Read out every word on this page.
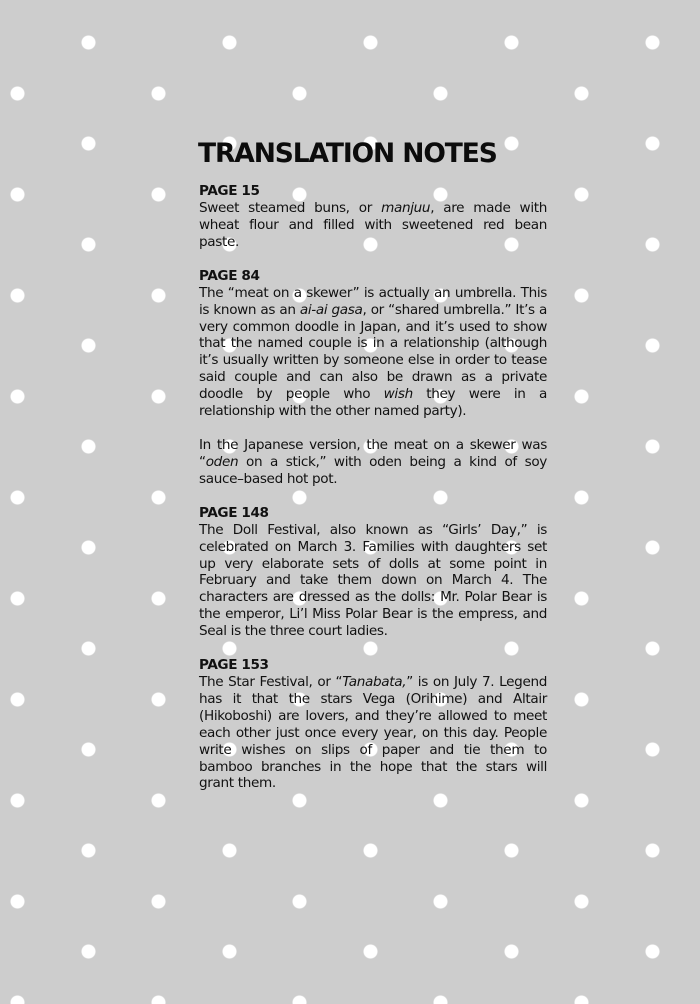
TRANSLATION NOTES
PAGE 15
Sweet steamed buns, or manjuu, are made with wheat flour and filled with sweetened red bean paste.
PAGE 84
The “meat on a skewer” is actually an umbrella. This is known as an ai-ai gasa, or “shared umbrella.” It’s a very common doodle in Japan, and it’s used to show that the named couple is in a relationship (although it’s usually written by someone else in order to tease said couple and can also be drawn as a private doodle by people who wish they were in a relationship with the other named party).
In the Japanese version, the meat on a skewer was “oden on a stick,” with oden being a kind of soy sauce–based hot pot.
PAGE 148
The Doll Festival, also known as “Girls’ Day,” is celebrated on March 3. Families with daughters set up very elaborate sets of dolls at some point in February and take them down on March 4. The characters are dressed as the dolls: Mr. Polar Bear is the emperor, Li’l Miss Polar Bear is the empress, and Seal is the three court ladies.
PAGE 153
The Star Festival, or “Tanabata,” is on July 7. Legend has it that the stars Vega (Orihime) and Altair (Hikoboshi) are lovers, and they’re allowed to meet each other just once every year, on this day. People write wishes on slips of paper and tie them to bamboo branches in the hope that the stars will grant them.
